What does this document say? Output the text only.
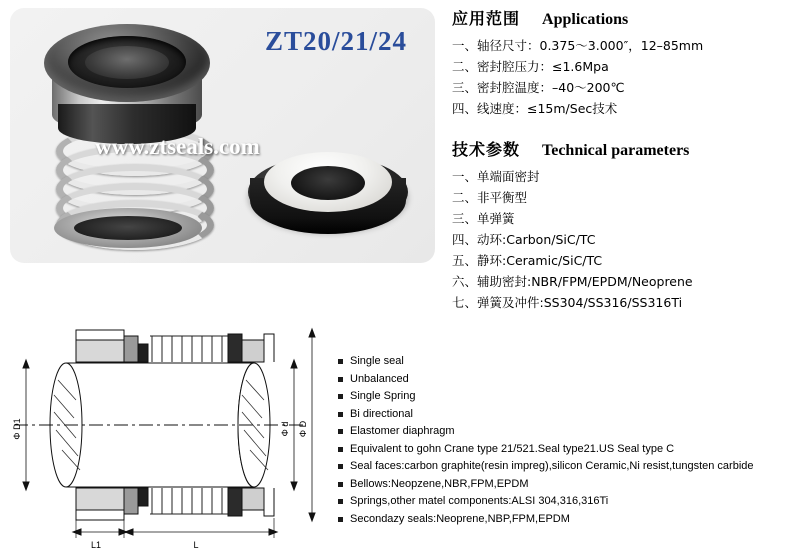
ZT20/21/24
www.ztseals.com
Φ D1	Φ d Φ D
L1	L
应用范围 Applications
一、轴径尺寸：0.375～3.000″，12–85mm
二、密封腔压力：≤1.6Mpa
三、密封腔温度：–40～200℃
四、线速度：≤15m/Sec技术
技术参数 Technical parameters
一、单端面密封
二、非平衡型
三、单弹簧
四、动环:Carbon/SiC/TC
五、静环:Ceramic/SiC/TC
六、辅助密封:NBR/FPM/EPDM/Neoprene
七、弹簧及冲件:SS304/SS316/SS316Ti
Single seal
Unbalanced
Single Spring
Bi directional
Elastomer diaphragm
Equivalent to gohn Crane type 21/521.Seal type21.US Seal type C
Seal faces:carbon graphite(resin impreg),silicon Ceramic,Ni resist,tungsten carbide
Bellows:Neopzene,NBR,FPM,EPDM
Springs,other matel components:ALSI 304,316,316Ti
Secondazy seals:Neoprene,NBP,FPM,EPDM
